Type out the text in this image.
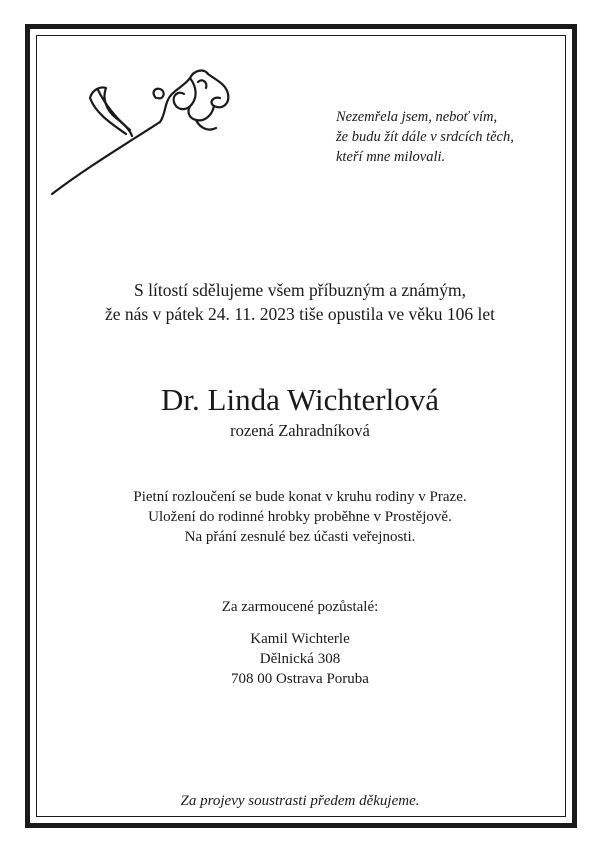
Nezemřela jsem, neboť vím,
že budu žít dále v srdcích těch,
kteří mne milovali.
S lítostí sdělujeme všem příbuzným a známým,
že nás v pátek 24. 11. 2023 tiše opustila ve věku 106 let
Dr. Linda Wichterlová
rozená Zahradníková
Pietní rozloučení se bude konat v kruhu rodiny v Praze.
Uložení do rodinné hrobky proběhne v Prostějově.
Na přání zesnulé bez účasti veřejnosti.
Za zarmoucené pozůstalé:
Kamil Wichterle
Dělnická 308
708 00 Ostrava Poruba
Za projevy soustrasti předem děkujeme.
